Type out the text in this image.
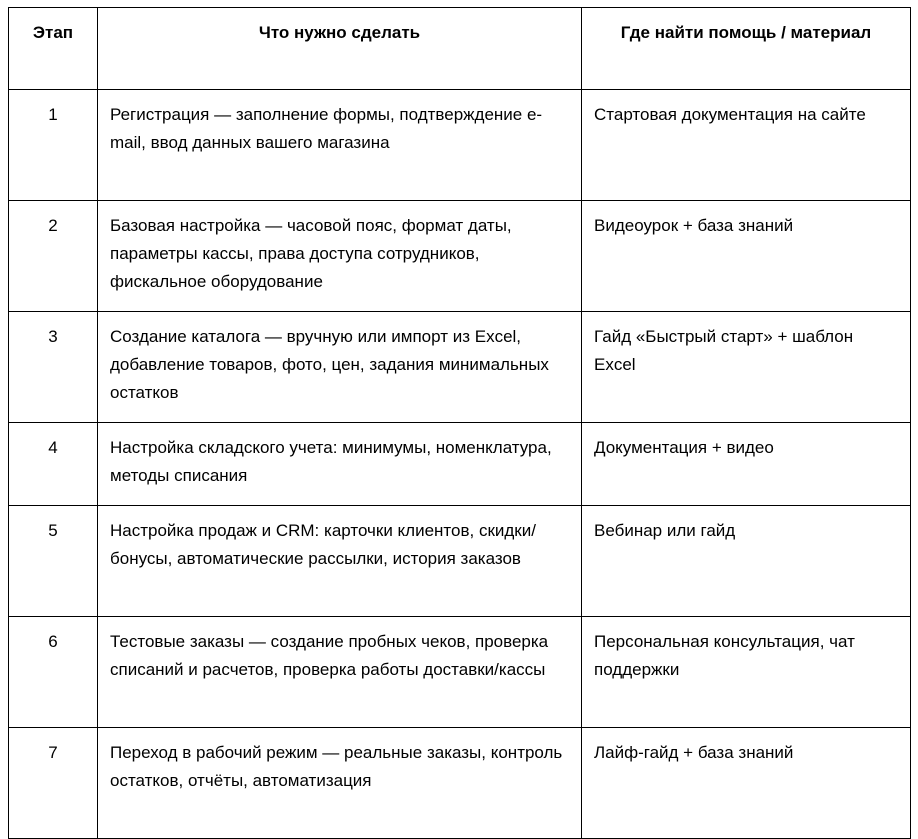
Этап	Что нужно сделать	Где найти помощь / материал
1	Регистрация — заполнение формы, подтверждение e-mail, ввод данных вашего магазина	Стартовая документация на сайте
2	Базовая настройка — часовой пояс, формат даты, параметры кассы, права доступа сотрудников, фискальное оборудование	Видеоурок + база знаний
3	Создание каталога — вручную или импорт из Excel, добавление товаров, фото, цен, задания минимальных остатков	Гайд «Быстрый старт» + шаблон Excel
4	Настройка складского учета: минимумы, номенклатура, методы списания	Документация + видео
5	Настройка продаж и CRM: карточки клиентов, скидки/бонусы, автоматические рассылки, история заказов	Вебинар или гайд
6	Тестовые заказы — создание пробных чеков, проверка списаний и расчетов, проверка работы доставки/кассы	Персональная консультация, чат поддержки
7	Переход в рабочий режим — реальные заказы, контроль остатков, отчёты, автоматизация	Лайф-гайд + база знаний
